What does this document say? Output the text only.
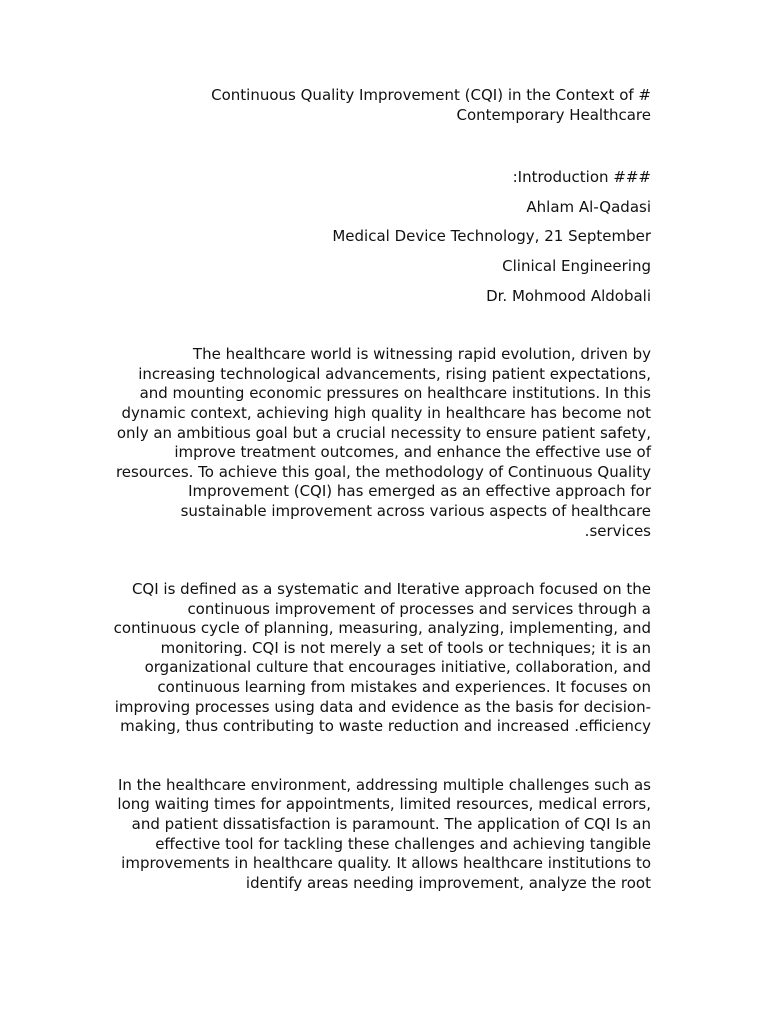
Continuous Quality Improvement (CQI) in the Context of # Contemporary Healthcare
:Introduction ###
Ahlam Al-Qadasi
Medical Device Technology, 21 September
Clinical Engineering
Dr. Mohmood Aldobali

The healthcare world is witnessing rapid evolution, driven by increasing technological advancements, rising patient expectations, and mounting economic pressures on healthcare institutions. In this dynamic context, achieving high quality in healthcare has become not only an ambitious goal but a crucial necessity to ensure patient safety, improve treatment outcomes, and enhance the effective use of resources. To achieve this goal, the methodology of Continuous Quality Improvement (CQI) has emerged as an effective approach for sustainable improvement across various aspects of healthcare .services

CQI is defined as a systematic and Iterative approach focused on the continuous improvement of processes and services through a continuous cycle of planning, measuring, analyzing, implementing, and monitoring. CQI is not merely a set of tools or techniques; it is an organizational culture that encourages initiative, collaboration, and continuous learning from mistakes and experiences. It focuses on improving processes using data and evidence as the basis for decision-making, thus contributing to waste reduction and increased .efficiency

In the healthcare environment, addressing multiple challenges such as long waiting times for appointments, limited resources, medical errors, and patient dissatisfaction is paramount. The application of CQI Is an effective tool for tackling these challenges and achieving tangible improvements in healthcare quality. It allows healthcare institutions to identify areas needing improvement, analyze the root
